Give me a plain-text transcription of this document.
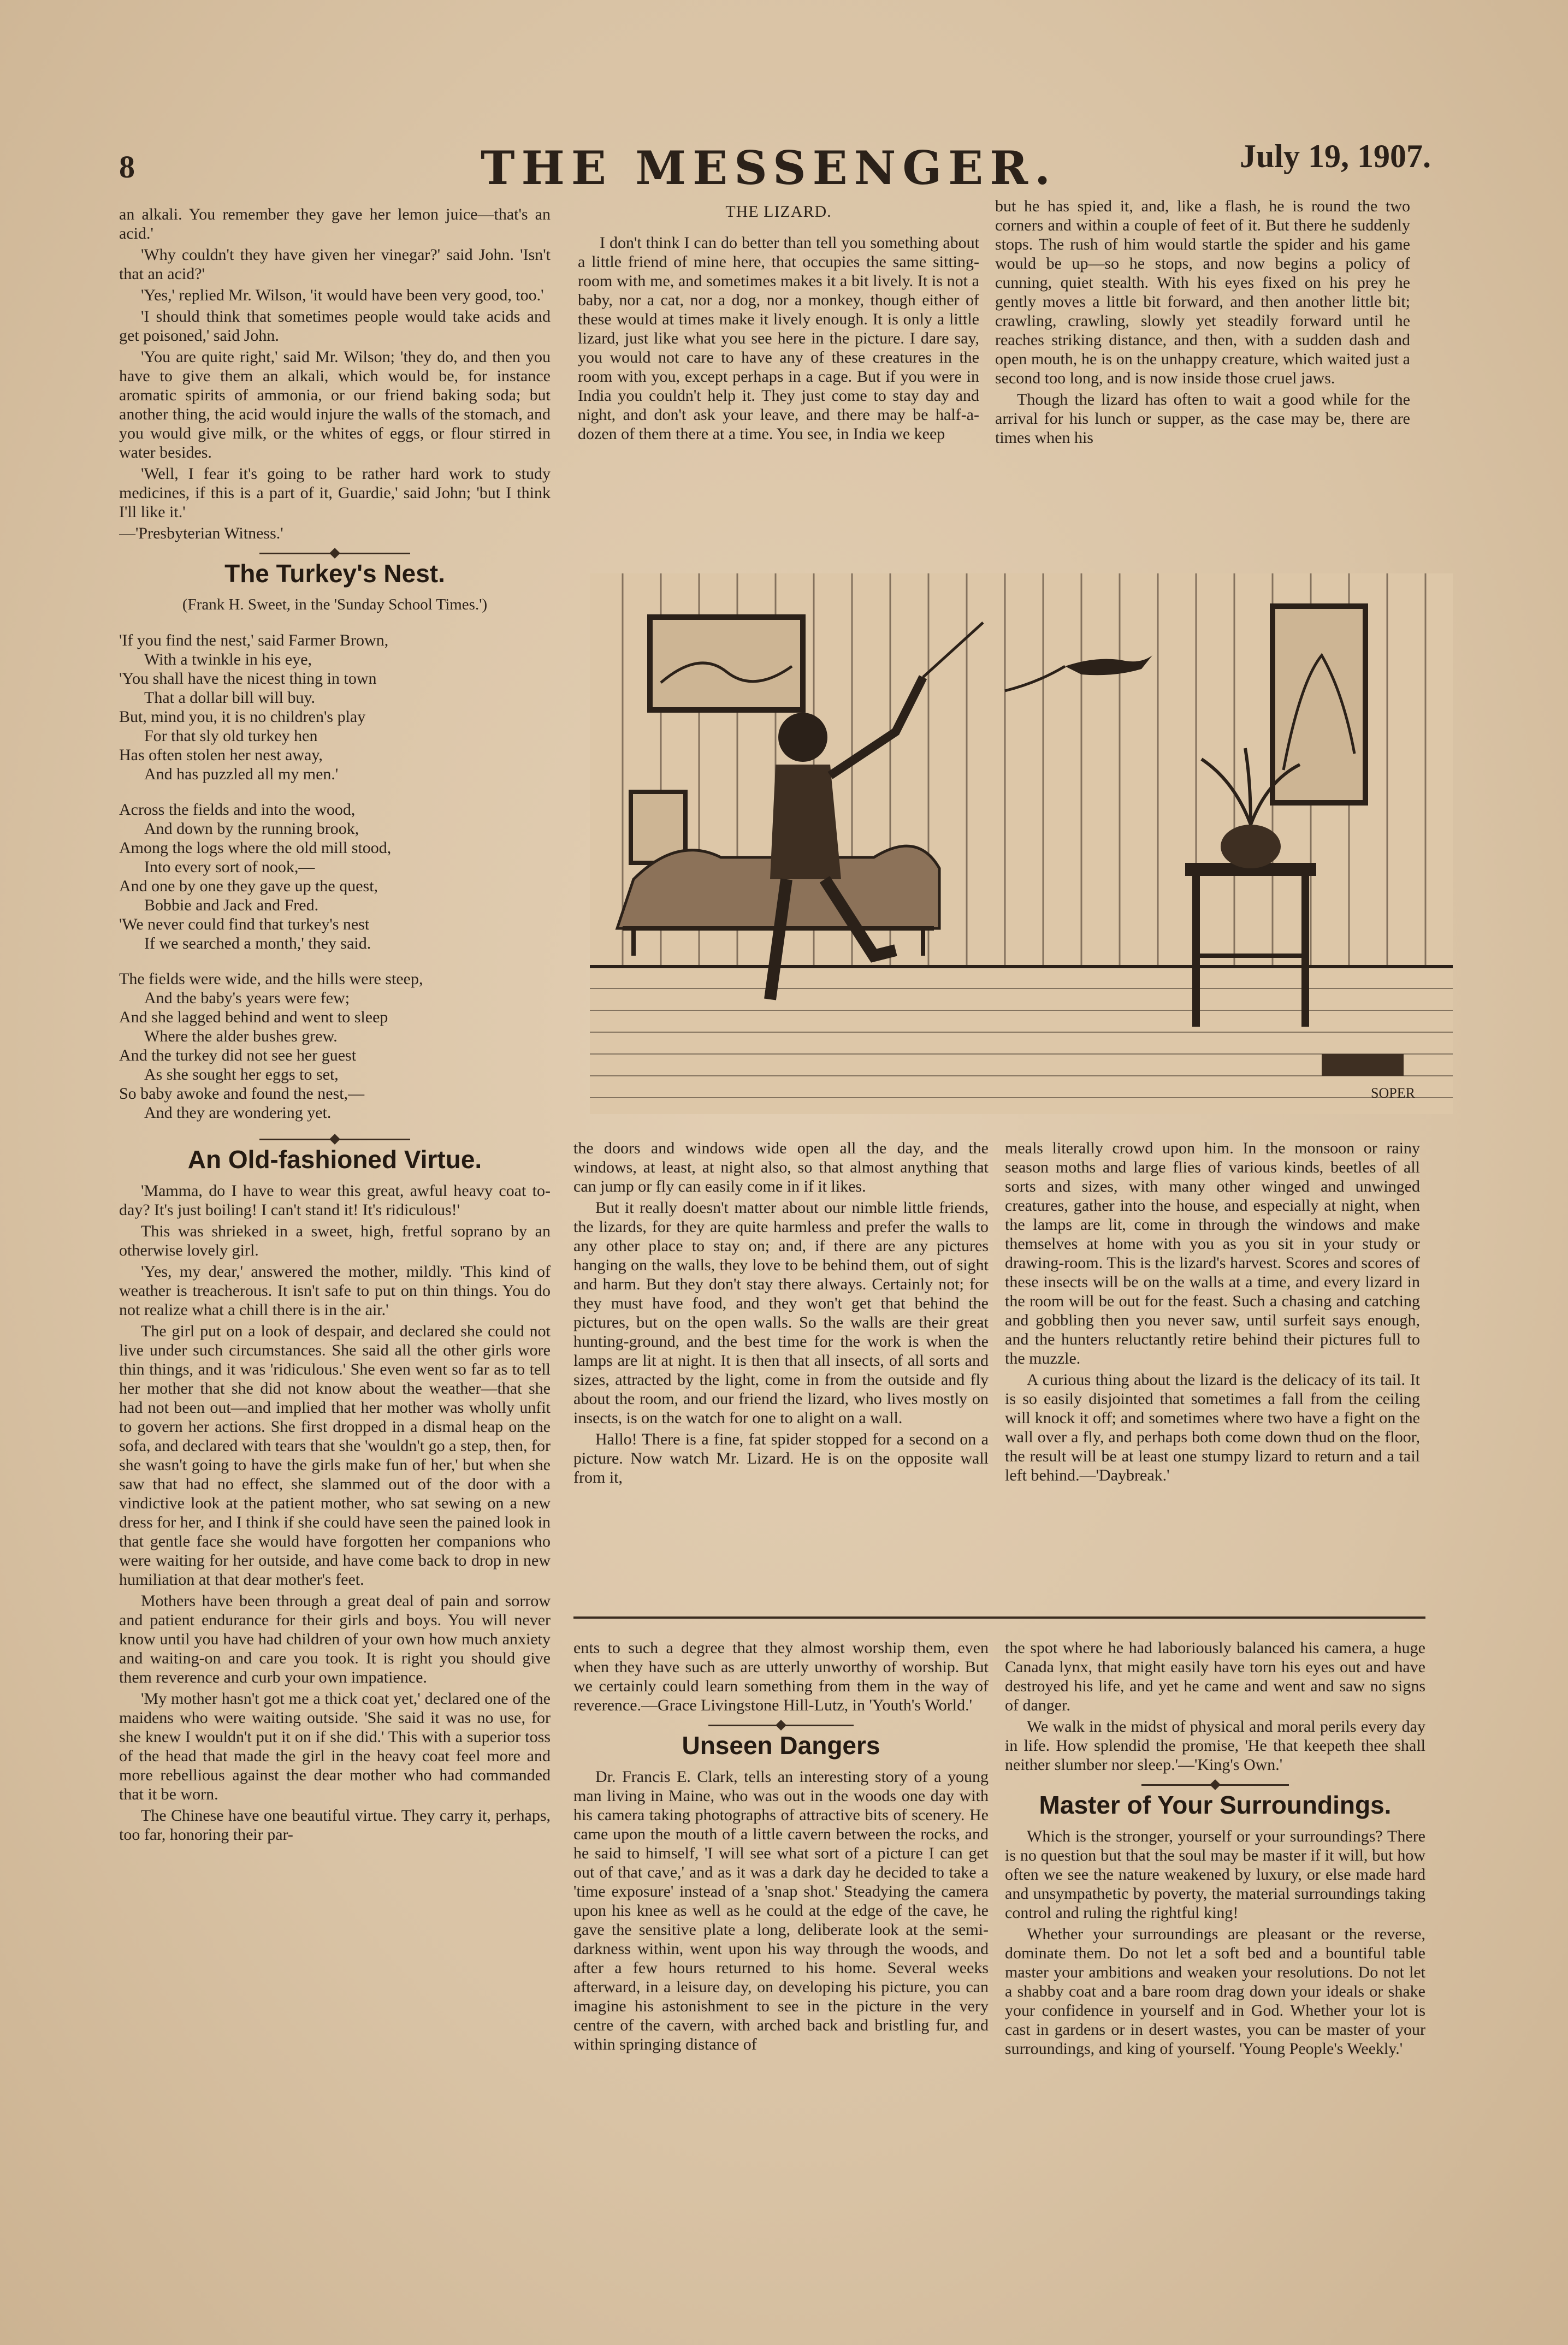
8	THE MESSENGER.	July 19, 1907.

an alkali. You remember they gave her lemon juice—that's an acid.'

'Why couldn't they have given her vinegar?' said John. 'Isn't that an acid?'

'Yes,' replied Mr. Wilson, 'it would have been very good, too.'

'I should think that sometimes people would take acids and get poisoned,' said John.

'You are quite right,' said Mr. Wilson; 'they do, and then you have to give them an alkali, which would be, for instance aromatic spirits of ammonia, or our friend baking soda; but another thing, the acid would injure the walls of the stomach, and you would give milk, or the whites of eggs, or flour stirred in water besides.

'Well, I fear it's going to be rather hard work to study medicines, if this is a part of it, Guardie,' said John; 'but I think I'll like it.'

—'Presbyterian Witness.'

The Turkey's Nest.
(Frank H. Sweet, in the 'Sunday School Times.')
'If you find the nest,' said Farmer Brown,
With a twinkle in his eye,
'You shall have the nicest thing in town
That a dollar bill will buy.
But, mind you, it is no children's play
For that sly old turkey hen
Has often stolen her nest away,
And has puzzled all my men.'
Across the fields and into the wood,
And down by the running brook,
Among the logs where the old mill stood,
Into every sort of nook,—
And one by one they gave up the quest,
Bobbie and Jack and Fred.
'We never could find that turkey's nest
If we searched a month,' they said.
The fields were wide, and the hills were steep,
And the baby's years were few;
And she lagged behind and went to sleep
Where the alder bushes grew.
And the turkey did not see her guest
As she sought her eggs to set,
So baby awoke and found the nest,—
And they are wondering yet.
An Old-fashioned Virtue.

'Mamma, do I have to wear this great, awful heavy coat to-day? It's just boiling! I can't stand it! It's ridiculous!'

This was shrieked in a sweet, high, fretful soprano by an otherwise lovely girl.

'Yes, my dear,' answered the mother, mildly. 'This kind of weather is treacherous. It isn't safe to put on thin things. You do not realize what a chill there is in the air.'

The girl put on a look of despair, and declared she could not live under such circumstances. She said all the other girls wore thin things, and it was 'ridiculous.' She even went so far as to tell her mother that she did not know about the weather—that she had not been out—and implied that her mother was wholly unfit to govern her actions. She first dropped in a dismal heap on the sofa, and declared with tears that she 'wouldn't go a step, then, for she wasn't going to have the girls make fun of her,' but when she saw that had no effect, she slammed out of the door with a vindictive look at the patient mother, who sat sewing on a new dress for her, and I think if she could have seen the pained look in that gentle face she would have forgotten her companions who were waiting for her outside, and have come back to drop in new humiliation at that dear mother's feet.

Mothers have been through a great deal of pain and sorrow and patient endurance for their girls and boys. You will never know until you have had children of your own how much anxiety and waiting-on and care you took. It is right you should give them reverence and curb your own impatience.

'My mother hasn't got me a thick coat yet,' declared one of the maidens who were waiting outside. 'She said it was no use, for she knew I wouldn't put it on if she did.' This with a superior toss of the head that made the girl in the heavy coat feel more and more rebellious against the dear mother who had commanded that it be worn.

The Chinese have one beautiful virtue. They carry it, perhaps, too far, honoring their par-

THE LIZARD.

I don't think I can do better than tell you something about a little friend of mine here, that occupies the same sitting-room with me, and sometimes makes it a bit lively. It is not a baby, nor a cat, nor a dog, nor a monkey, though either of these would at times make it lively enough. It is only a little lizard, just like what you see here in the picture. I dare say, you would not care to have any of these creatures in the room with you, except perhaps in a cage. But if you were in India you couldn't help it. They just come to stay day and night, and don't ask your leave, and there may be half-a-dozen of them there at a time. You see, in India we keep

but he has spied it, and, like a flash, he is round the two corners and within a couple of feet of it. But there he suddenly stops. The rush of him would startle the spider and his game would be up—so he stops, and now begins a policy of cunning, quiet stealth. With his eyes fixed on his prey he gently moves a little bit forward, and then another little bit; crawling, crawling, slowly yet steadily forward until he reaches striking distance, and then, with a sudden dash and open mouth, he is on the unhappy creature, which waited just a second too long, and is now inside those cruel jaws.

Though the lizard has often to wait a good while for the arrival for his lunch or supper, as the case may be, there are times when his

SOPER

the doors and windows wide open all the day, and the windows, at least, at night also, so that almost anything that can jump or fly can easily come in if it likes.

But it really doesn't matter about our nimble little friends, the lizards, for they are quite harmless and prefer the walls to any other place to stay on; and, if there are any pictures hanging on the walls, they love to be behind them, out of sight and harm. But they don't stay there always. Certainly not; for they must have food, and they won't get that behind the pictures, but on the open walls. So the walls are their great hunting-ground, and the best time for the work is when the lamps are lit at night. It is then that all insects, of all sorts and sizes, attracted by the light, come in from the outside and fly about the room, and our friend the lizard, who lives mostly on insects, is on the watch for one to alight on a wall.

Hallo! There is a fine, fat spider stopped for a second on a picture. Now watch Mr. Lizard. He is on the opposite wall from it,

meals literally crowd upon him. In the monsoon or rainy season moths and large flies of various kinds, beetles of all sorts and sizes, with many other winged and unwinged creatures, gather into the house, and especially at night, when the lamps are lit, come in through the windows and make themselves at home with you as you sit in your study or drawing-room. This is the lizard's harvest. Scores and scores of these insects will be on the walls at a time, and every lizard in the room will be out for the feast. Such a chasing and catching and gobbling then you never saw, until surfeit says enough, and the hunters reluctantly retire behind their pictures full to the muzzle.

A curious thing about the lizard is the delicacy of its tail. It is so easily disjointed that sometimes a fall from the ceiling will knock it off; and sometimes where two have a fight on the wall over a fly, and perhaps both come down thud on the floor, the result will be at least one stumpy lizard to return and a tail left behind.—'Daybreak.'

ents to such a degree that they almost worship them, even when they have such as are utterly unworthy of worship. But we certainly could learn something from them in the way of reverence.—Grace Livingstone Hill-Lutz, in 'Youth's World.'

Unseen Dangers

Dr. Francis E. Clark, tells an interesting story of a young man living in Maine, who was out in the woods one day with his camera taking photographs of attractive bits of scenery. He came upon the mouth of a little cavern between the rocks, and he said to himself, 'I will see what sort of a picture I can get out of that cave,' and as it was a dark day he decided to take a 'time exposure' instead of a 'snap shot.' Steadying the camera upon his knee as well as he could at the edge of the cave, he gave the sensitive plate a long, deliberate look at the semi-darkness within, went upon his way through the woods, and after a few hours returned to his home. Several weeks afterward, in a leisure day, on developing his picture, you can imagine his astonishment to see in the picture in the very centre of the cavern, with arched back and bristling fur, and within springing distance of

the spot where he had laboriously balanced his camera, a huge Canada lynx, that might easily have torn his eyes out and have destroyed his life, and yet he came and went and saw no signs of danger.

We walk in the midst of physical and moral perils every day in life. How splendid the promise, 'He that keepeth thee shall neither slumber nor sleep.'—'King's Own.'

Master of Your Surroundings.

Which is the stronger, yourself or your surroundings? There is no question but that the soul may be master if it will, but how often we see the nature weakened by luxury, or else made hard and unsympathetic by poverty, the material surroundings taking control and ruling the rightful king!

Whether your surroundings are pleasant or the reverse, dominate them. Do not let a soft bed and a bountiful table master your ambitions and weaken your resolutions. Do not let a shabby coat and a bare room drag down your ideals or shake your confidence in yourself and in God. Whether your lot is cast in gardens or in desert wastes, you can be master of your surroundings, and king of yourself. 'Young People's Weekly.'
